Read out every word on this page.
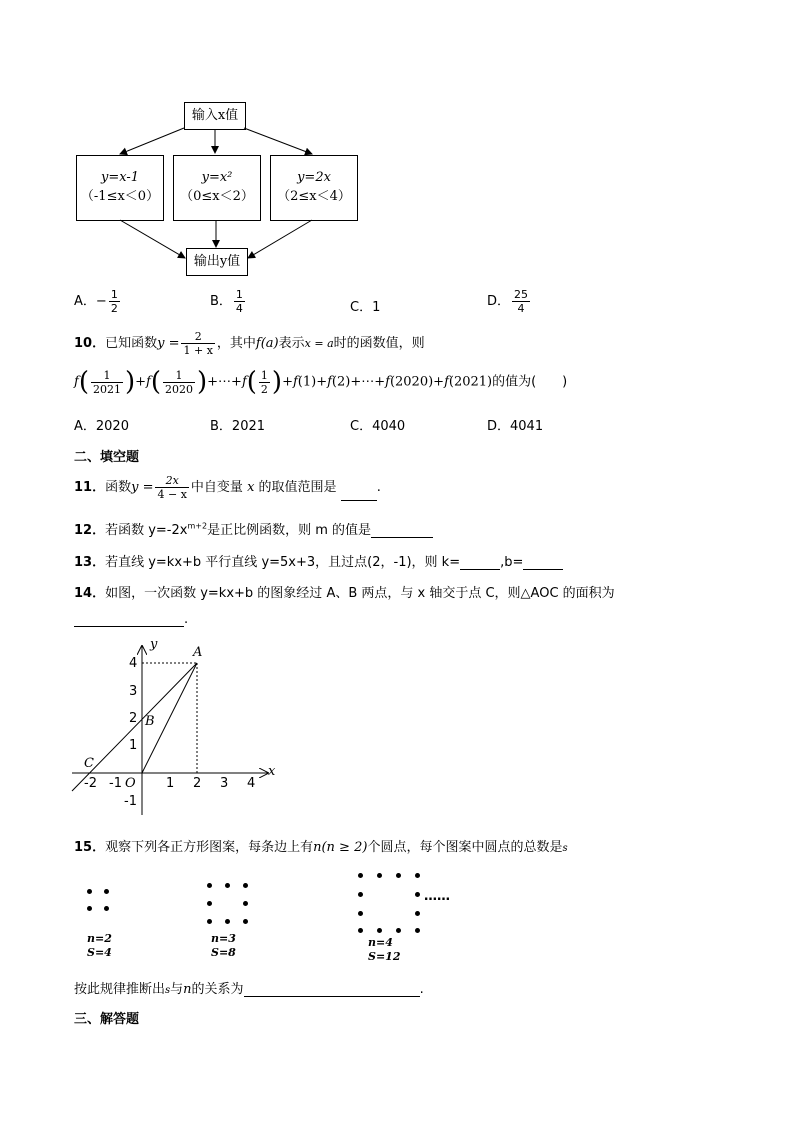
输入x值
y=x-1
（-1≤x＜0）
y=x²
（0≤x＜2）
y=2x
（2≤x＜4）
输出y值
A．− $\frac{1}{2}$	B． $\frac{1}{4}$	C．1	D． $\frac{25}{4}$
10．已知函数$y = \frac{2}{1 + x}$ ，其中f(a)表示x = a时的函数值，则
$f( \frac{1}{2021} )+f( \frac{1}{2020}$ )+⋯+f( $\frac{1}{2}$ )+f(1)+f(2)+⋯+f(2020)+f(2021)的值为(　　)
A．2020	B．2021	C．4040	D．4041
二、填空题
11．函数$y = \frac{2x}{4 - x}$ 中自变量 x 的取值范围是	.
12．若函数 $y=-2x^{m+2}$是正比例函数，则 m 的值是
13．若直线 y=kx+b 平行直线 y=5x+3，且过点(2，-1)，则 k=	,b=
14．如图，一次函数 y=kx+b 的图象经过 A、B 两点，与 x 轴交于点 C，则△AOC 的面积为
.
y
x
O
A
B
C
-2 -1	1 2 3 4
4
3
2
1
-1
15．观察下列各正方形图案，每条边上有n(n ≥ 2)个圆点，每个图案中圆点的总数是s
n=2
S=4
n=3
S=8
……
n=4
S=12
按此规律推断出s与n的关系为	.
三、解答题
